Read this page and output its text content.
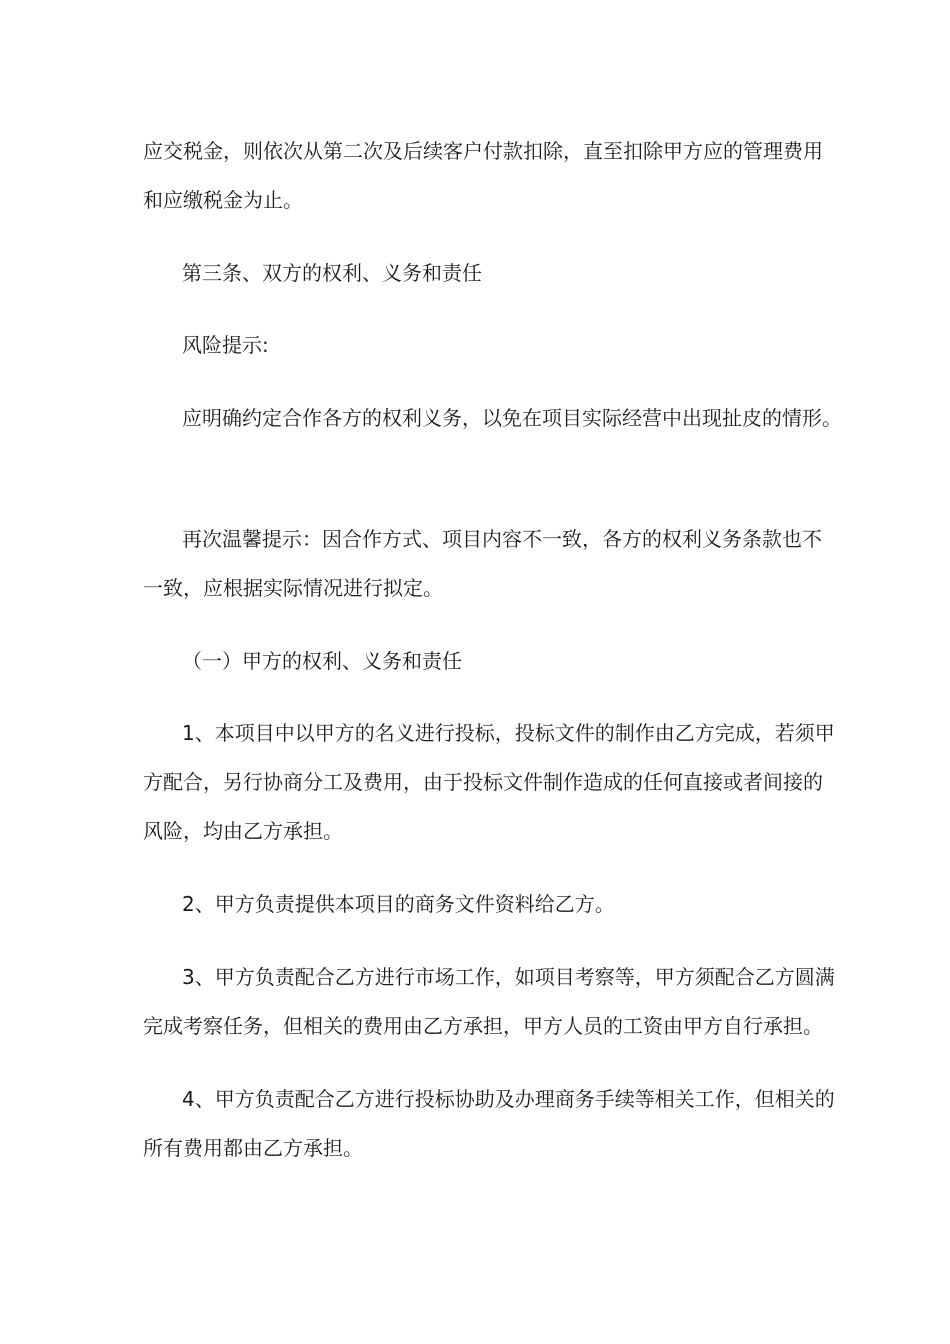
应交税金，则依次从第二次及后续客户付款扣除，直至扣除甲方应的管理费用
和应缴税金为止。
第三条、双方的权利、义务和责任
风险提示:
应明确约定合作各方的权利义务，以免在项目实际经营中出现扯皮的情形。
再次温馨提示：因合作方式、项目内容不一致，各方的权利义务条款也不
一致，应根据实际情况进行拟定。
（一）甲方的权利、义务和责任
1、本项目中以甲方的名义进行投标，投标文件的制作由乙方完成，若须甲
方配合，另行协商分工及费用，由于投标文件制作造成的任何直接或者间接的
风险，均由乙方承担。
2、甲方负责提供本项目的商务文件资料给乙方。
3、甲方负责配合乙方进行市场工作，如项目考察等，甲方须配合乙方圆满
完成考察任务，但相关的费用由乙方承担，甲方人员的工资由甲方自行承担。
4、甲方负责配合乙方进行投标协助及办理商务手续等相关工作，但相关的
所有费用都由乙方承担。
